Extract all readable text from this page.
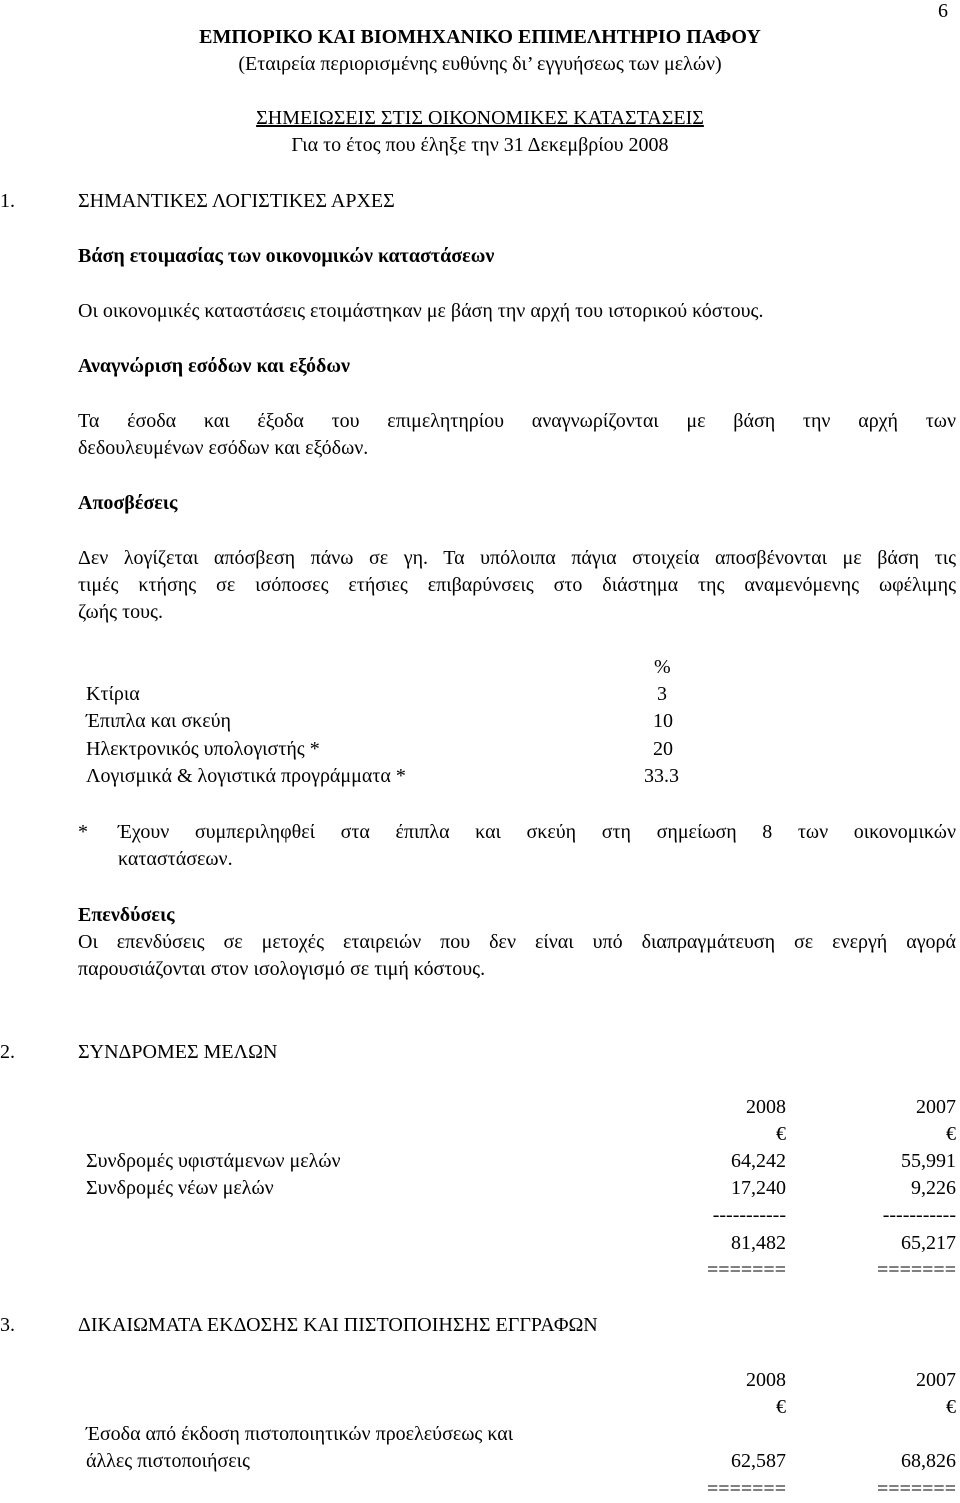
6
ΕΜΠΟΡΙΚΟ ΚΑΙ ΒΙΟΜΗΧΑΝΙΚΟ ΕΠΙΜΕΛΗΤΗΡΙΟ ΠΑΦΟΥ
(Εταιρεία περιορισμένης ευθύνης δι’ εγγυήσεως των μελών)
ΣΗΜΕΙΩΣΕΙΣ ΣΤΙΣ ΟΙΚΟΝΟΜΙΚΕΣ ΚΑΤΑΣΤΑΣΕΙΣ
Για το έτος που έληξε την 31 Δεκεμβρίου 2008
1.	ΣΗΜΑΝΤΙΚΕΣ ΛΟΓΙΣΤΙΚΕΣ ΑΡΧΕΣ
Βάση ετοιμασίας των οικονομικών καταστάσεων
Οι οικονομικές καταστάσεις ετοιμάστηκαν με βάση την αρχή του ιστορικού κόστους.
Αναγνώριση εσόδων και εξόδων
Τα έσοδα και έξοδα του επιμελητηρίου αναγνωρίζονται με βάση την αρχή των
δεδουλευμένων εσόδων και εξόδων.
Αποσβέσεις
Δεν λογίζεται απόσβεση πάνω σε γη. Τα υπόλοιπα πάγια στοιχεία αποσβένονται με βάση τις
τιμές κτήσης σε ισόποσες ετήσιες επιβαρύνσεις στο διάστημα της αναμενόμενης ωφέλιμης
ζωής τους.
%
Κτίρια	3
Έπιπλα και σκεύη	10
Ηλεκτρονικός υπολογιστής *	20
Λογισμικά & λογιστικά προγράμματα *	33.3
* Έχουν συμπεριληφθεί στα έπιπλα και σκεύη στη σημείωση 8 των οικονομικών
καταστάσεων.
Επενδύσεις
Οι επενδύσεις σε μετοχές εταιρειών που δεν είναι υπό διαπραγμάτευση σε ενεργή αγορά
παρουσιάζονται στον ισολογισμό σε τιμή κόστους.
2.	ΣΥΝΔΡΟΜΕΣ ΜΕΛΩΝ
2008	2007
€	€
Συνδρομές υφιστάμενων μελών	64,242	55,991
Συνδρομές νέων μελών	17,240	9,226
-----------	-----------
81,482	65,217
=======	=======
3.	ΔΙΚΑΙΩΜΑΤΑ ΕΚΔΟΣΗΣ ΚΑΙ ΠΙΣΤΟΠΟΙΗΣΗΣ ΕΓΓΡΑΦΩΝ
2008	2007
€	€
Έσοδα από έκδοση πιστοποιητικών προελεύσεως και
άλλες πιστοποιήσεις	62,587	68,826
=======	=======
